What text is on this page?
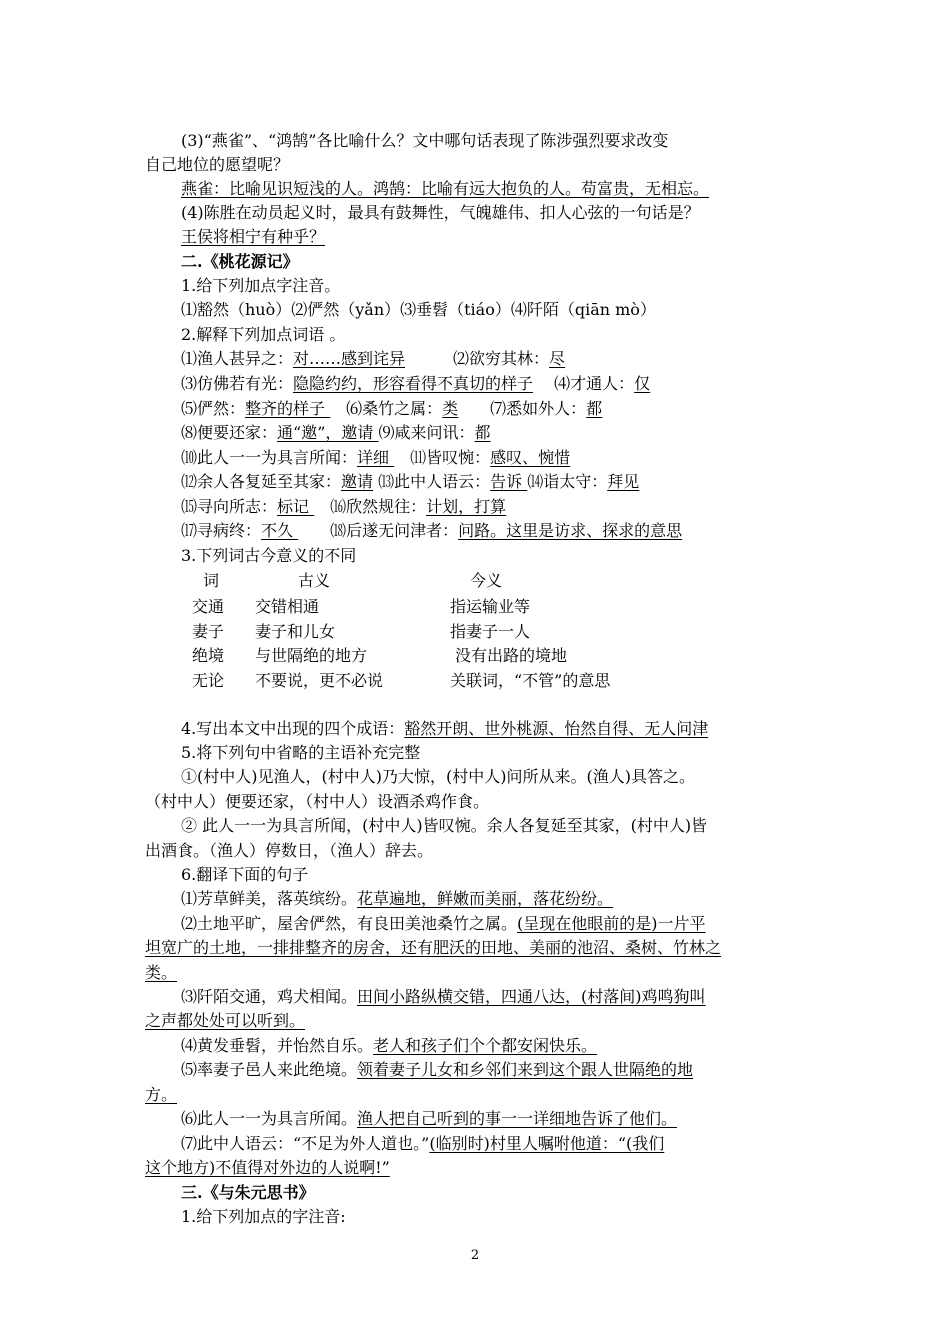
(3)“燕雀”、“鸿鹄”各比喻什么？文中哪句话表现了陈涉强烈要求改变
自己地位的愿望呢？
燕雀：比喻见识短浅的人。鸿鹄：比喻有远大抱负的人。苟富贵，无相忘。
(4)陈胜在动员起义时，最具有鼓舞性，气魄雄伟、扣人心弦的一句话是？
王侯将相宁有种乎？
二.《桃花源记》
1.给下列加点字注音。
⑴豁然（huò）⑵俨然（yǎn）⑶垂髫（tiáo）⑷阡陌（qiān mò）
2.解释下列加点词语 。
⑴渔人甚异之：对……感到诧异　　　⑵欲穷其林：尽
⑶仿佛若有光：隐隐约约，形容看得不真切的样子　 ⑷才通人：仅
⑸俨然：整齐的样子 　⑹桑竹之属：类　　⑺悉如外人：都
⑻便要还家：通“邀”，邀请 ⑼咸来问讯：都
⑽此人一一为具言所闻：详细 　⑾皆叹惋：感叹、惋惜
⑿余人各复延至其家：邀请 ⒀此中人语云：告诉 ⒁诣太守：拜见
⒂寻向所志：标记 　⒃欣然规往：计划，打算
⒄寻病终：不久 　　⒅后遂无问津者：问路。这里是访求、探求的意思
3.下列词古今意义的不同
4.写出本文中出现的四个成语：豁然开朗、世外桃源、怡然自得、无人问津
5.将下列句中省略的主语补充完整
①(村中人)见渔人，(村中人)乃大惊，(村中人)问所从来。(渔人)具答之。
（村中人）便要还家，（村中人）设酒杀鸡作食。
② 此人一一为具言所闻，(村中人)皆叹惋。余人各复延至其家，(村中人)皆
出酒食。（渔人）停数日，（渔人）辞去。
6.翻译下面的句子
⑴芳草鲜美，落英缤纷。花草遍地，鲜嫩而美丽，落花纷纷。
⑵土地平旷，屋舍俨然，有良田美池桑竹之属。(呈现在他眼前的是)一片平
坦宽广的土地，一排排整齐的房舍，还有肥沃的田地、美丽的池沼、桑树、竹林之
类。
⑶阡陌交通，鸡犬相闻。田间小路纵横交错，四通八达，(村落间)鸡鸣狗叫
之声都处处可以听到。
⑷黄发垂髫，并怡然自乐。老人和孩子们个个都安闲快乐。
⑸率妻子邑人来此绝境。领着妻子儿女和乡邻们来到这个跟人世隔绝的地
方。
⑹此人一一为具言所闻。渔人把自己听到的事一一详细地告诉了他们。
⑺此中人语云：“不足为外人道也。”(临别时)村里人嘱咐他道：“(我们
这个地方)不值得对外边的人说啊!”
三.《与朱元思书》
1.给下列加点的字注音:
词	古义	今义
交通 交错相通	指运输业等
妻子 妻子和儿女	指妻子一人
绝境 与世隔绝的地方	没有出路的境地
无论 不要说，更不必说	关联词，“不管”的意思
2
